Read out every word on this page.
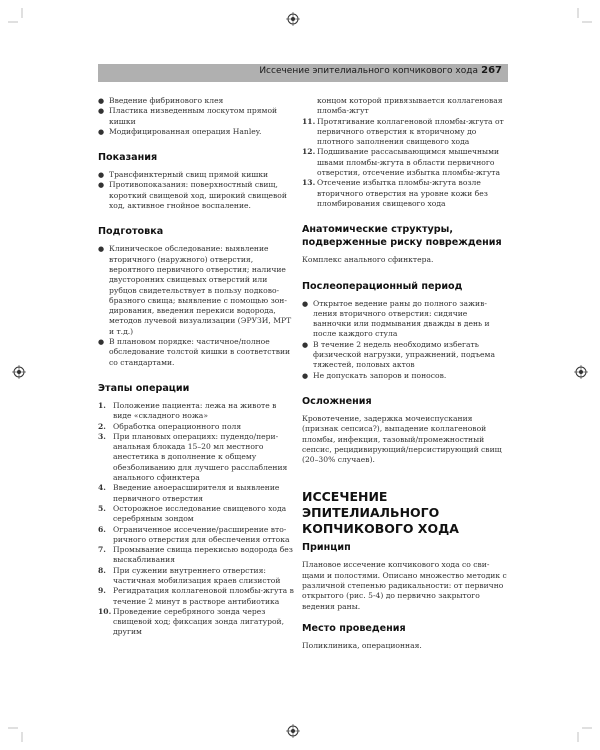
Иссечение эпителиального копчикового хода 267
● Введение фибринового клея
● Пластика низведенным лоскутом прямой кишки
● Модифицированная операция Hanley.
Показания
● Трансфинктерный свищ прямой кишки
● Противопоказания: поверхностный свищ, короткий свищевой ход, широкий свищевой ход, активное гнойное воспаление.
Подготовка
● Клиническое обследование: выявление вторичного (наружного) отверстия, вероятного первичного отверстия; наличие двусторонних свищевых отверстий или рубцов свидетельствует в пользу подковобразного свища; выявление с помощью зондирования, введения перекиси водорода, методов лучевой визуализации (ЭРУЗИ, МРТ и т.д.)
● В плановом порядке: частичное/полное обследование толстой кишки в соответствии со стандартами.
Этапы операции
1. Положение пациента: лежа на животе в виде «складного ножа»
2. Обработка операционного поля
3. При плановых операциях: пудендо/перианальная блокада 15–20 мл местного анестетика в дополнение к общему обезболиванию для лучшего расслабления анального сфинктера
4. Введение аноерасширителя и выявление первичного отверстия
5. Осторожное исследование свищевого хода серебряным зондом
6. Ограниченное иссечение/расширение вторичного отверстия для обеспечения оттока
7. Промывание свища перекисью водорода без выскабливания
8. При сужении внутреннего отверстия: частичная мобилизация краев слизистой
9. Регидратация коллагеновой пломбы-жгута в течение 2 минут в растворе антибиотика
10. Проведение серебряного зонда через свищевой ход; фиксация зонда лигатурой, другим

концом которой привязывается коллагеновая пломба-жгут

11. Протягивание коллагеновой пломбы-жгута от первичного отверстия к вторичному до плотного заполнения свищевого хода
12. Подшивание рассасывающимся мышечными швами пломбы-жгута в области первичного отверстия, отсечение избытка пломбы-жгута
13. Отсечение избытка пломбы-жгута возле вторичного отверстия на уровне кожи без пломбирования свищевого хода
Анатомические структуры, подверженные риску повреждения

Комплекс анального сфинктера.

Послеоперационный период
● Открытое ведение раны до полного заживления вторичного отверстия: сидячие ванночки или подмывания дважды в день и после каждого стула
● В течение 2 недель необходимо избегать физической нагрузки, упражнений, подъема тяжестей, половых актов
● Не допускать запоров и поносов.
Осложнения

Кровотечение, задержка мочеиспускания (признак сепсиса?), выпадение коллагеновой пломбы, инфекция, тазовый/промежностный сепсис, рецидивирующий/персистирующий свищ (20–30% случаев).

ИССЕЧЕНИЕ ЭПИТЕЛИАЛЬНОГО КОПЧИКОВОГО ХОДА
Принцип

Плановое иссечение копчикового хода со свищами и полостями. Описано множество методик с различной степенью радикальности: от первично открытого (рис. 5-4) до первично закрытого ведения раны.

Место проведения

Поликлиника, операционная.
